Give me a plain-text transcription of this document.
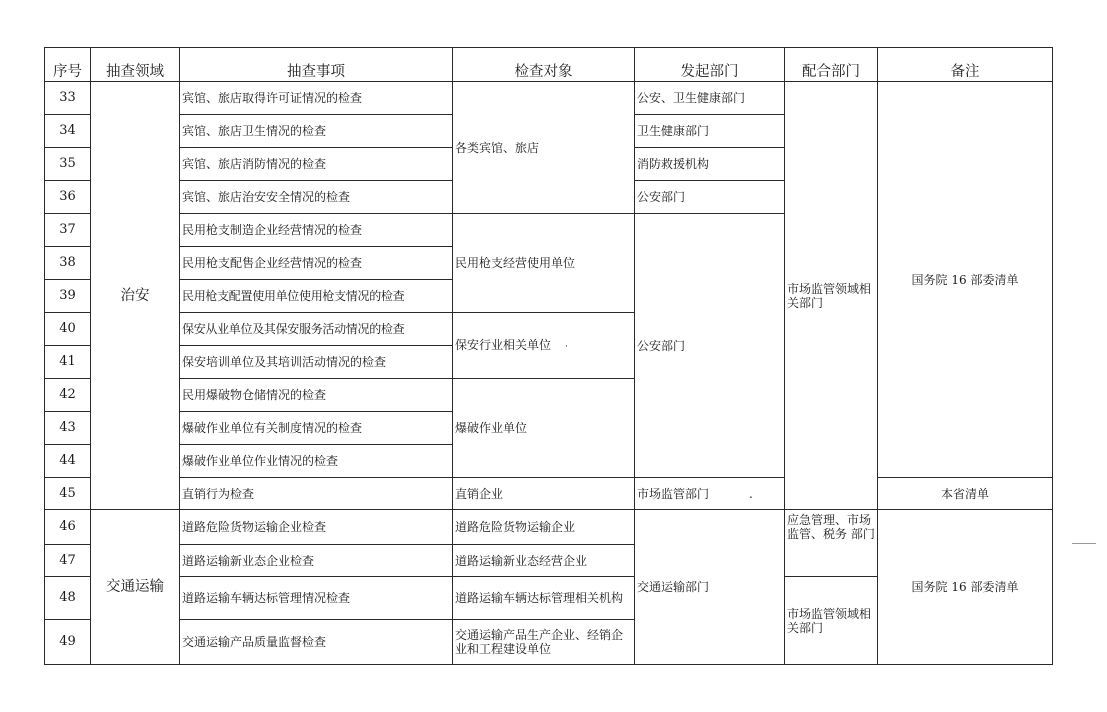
序号	抽查领域	抽查事项	检查对象	发起部门	配合部门	备注
33	治安	宾馆、旅店取得许可证情况的检查	各类宾馆、旅店	公安、卫生健康部门	市场监管领域相关部门	国务院 16 部委清单
34		宾馆、旅店卫生情况的检查		卫生健康部门		
35		宾馆、旅店消防情况的检查		消防救援机构		
36		宾馆、旅店治安安全情况的检查		公安部门		
37		民用枪支制造企业经营情况的检查	民用枪支经营使用单位	公安部门		
38		民用枪支配售企业经营情况的检查				
39		民用枪支配置使用单位使用枪支情况的检查				
40		保安从业单位及其保安服务活动情况的检查	保安行业相关单位 ·			
41		保安培训单位及其培训活动情况的检查				
42		民用爆破物仓储情况的检查	爆破作业单位			
43		爆破作业单位有关制度情况的检查				
44		爆破作业单位作业情况的检查				
45		直销行为检查	直销企业	市场监管部门 .		本省清单
46	交通运输	道路危险货物运输企业检查	道路危险货物运输企业	交通运输部门	应急管理、市场监管、税务 部门	国务院 16 部委清单
47		道路运输新业态企业检查	道路运输新业态经营企业			
48		道路运输车辆达标管理情况检查	道路运输车辆达标管理相关机构		市场监管领域相关部门	
49		交通运输产品质量监督检查	交通运输产品生产企业、经销企业和工程建设单位			
